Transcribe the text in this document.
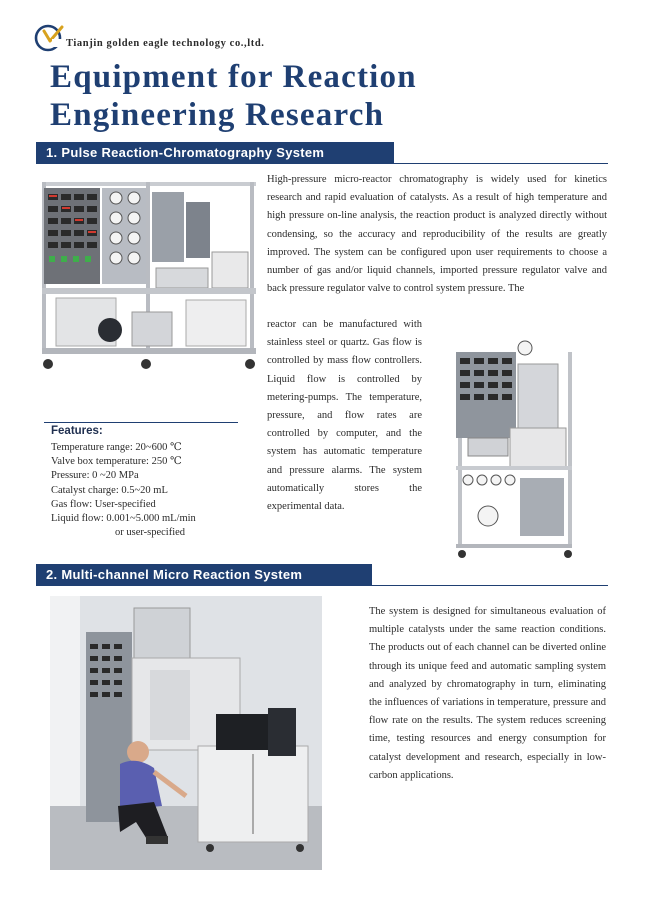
Tianjin golden eagle technology co.,ltd.
Equipment for Reaction
Engineering Research
1. Pulse Reaction-Chromatography System

High-pressure micro-reactor chromatography is widely used for kinetics research and rapid evaluation of catalysts. As a result of high temperature and high pressure on-line analysis, the reaction product is analyzed directly without condensing, so the accuracy and reproducibility of the results are greatly improved. The system can be configured upon user requirements to choose a number of gas and/or liquid channels, imported pressure regulator valve and back pressure regulator valve to control system pressure. The

reactor can be manufactured with stainless steel or quartz. Gas flow is controlled by mass flow controllers. Liquid flow is controlled by metering-pumps. The temperature, pressure, and flow rates are controlled by computer, and the system has automatic temperature and pressure alarms. The system automatically stores the experimental data.

Features:
Temperature range: 20~600 ℃
Valve box temperature: 250 ℃
Pressure: 0 ~20 MPa
Catalyst charge: 0.5~20 mL
Gas flow: User-specified
Liquid flow: 0.001~5.000 mL/min
or user-specified
2. Multi-channel Micro Reaction System

The system is designed for simultaneous evaluation of multiple catalysts under the same reaction conditions. The products out of each channel can be diverted online through its unique feed and automatic sampling system and analyzed by chromatography in turn, eliminating the influences of variations in temperature, pressure and flow rate on the results. The system reduces screening time, testing resources and energy consumption for catalyst development and research, especially in low-carbon applications.
